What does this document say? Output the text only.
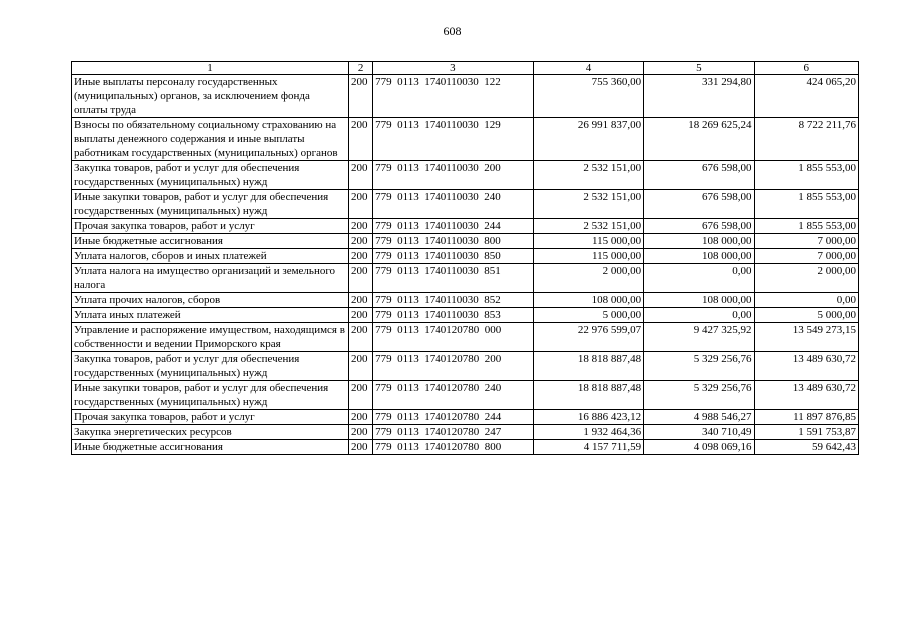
608
1	2	3	4	5	6
Иные выплаты персоналу государственных (муниципальных) органов, за исключением фонда оплаты труда	200	779  0113  1740110030  122	755 360,00	331 294,80	424 065,20
Взносы по обязательному социальному страхованию на выплаты денежного содержания и иные выплаты работникам государственных (муниципальных) органов	200	779  0113  1740110030  129	26 991 837,00	18 269 625,24	8 722 211,76
Закупка товаров, работ и услуг для обеспечения государственных (муниципальных) нужд	200	779  0113  1740110030  200	2 532 151,00	676 598,00	1 855 553,00
Иные закупки товаров, работ и услуг для обеспечения государственных (муниципальных) нужд	200	779  0113  1740110030  240	2 532 151,00	676 598,00	1 855 553,00
Прочая закупка товаров, работ и услуг	200	779  0113  1740110030  244	2 532 151,00	676 598,00	1 855 553,00
Иные бюджетные ассигнования	200	779  0113  1740110030  800	115 000,00	108 000,00	7 000,00
Уплата налогов, сборов и иных платежей	200	779  0113  1740110030  850	115 000,00	108 000,00	7 000,00
Уплата налога на имущество организаций и земельного налога	200	779  0113  1740110030  851	2 000,00	0,00	2 000,00
Уплата прочих налогов, сборов	200	779  0113  1740110030  852	108 000,00	108 000,00	0,00
Уплата иных платежей	200	779  0113  1740110030  853	5 000,00	0,00	5 000,00
Управление и распоряжение имуществом, находящимся в собственности и ведении Приморского края	200	779  0113  1740120780  000	22 976 599,07	9 427 325,92	13 549 273,15
Закупка товаров, работ и услуг для обеспечения государственных (муниципальных) нужд	200	779  0113  1740120780  200	18 818 887,48	5 329 256,76	13 489 630,72
Иные закупки товаров, работ и услуг для обеспечения государственных (муниципальных) нужд	200	779  0113  1740120780  240	18 818 887,48	5 329 256,76	13 489 630,72
Прочая закупка товаров, работ и услуг	200	779  0113  1740120780  244	16 886 423,12	4 988 546,27	11 897 876,85
Закупка энергетических ресурсов	200	779  0113  1740120780  247	1 932 464,36	340 710,49	1 591 753,87
Иные бюджетные ассигнования	200	779  0113  1740120780  800	4 157 711,59	4 098 069,16	59 642,43
